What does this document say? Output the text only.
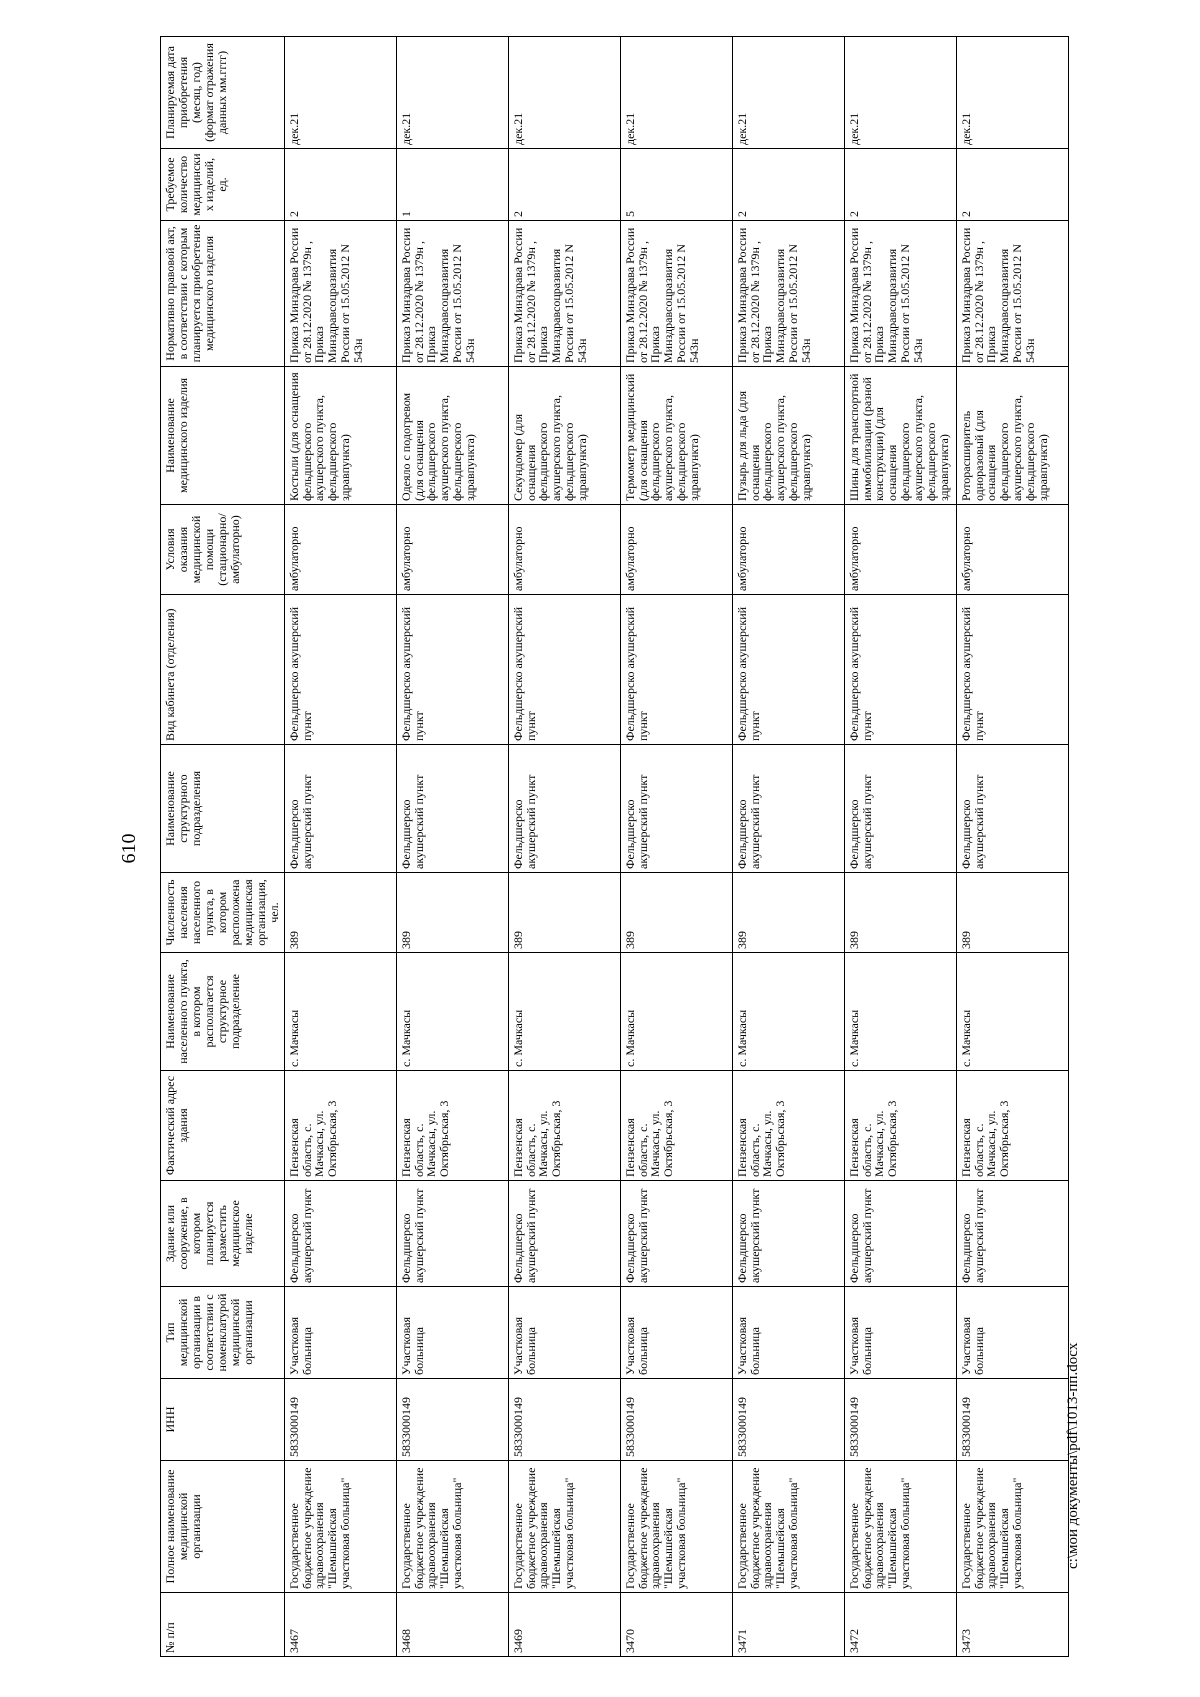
610
№ п/п	Полное наименование медицинской организации	ИНН	Тип медицинской организации в соответствии с номенклатурой медицинской организации	Здание или сооружение, в котором планируется разместить медицинское изделие	Фактический адрес здания	Наименование населенного пункта, в котором располагается структурное подразделение	Численность населения населенного пункта, в котором расположена медицинская организация, чел.	Наименование структурного подразделения	Вид кабинета (отделения)	Условия оказания медицинской помощи (стационарно/амбулаторно)	Наименование медицинского изделия	Нормативно правовой акт, в соответствии с которым планируется приобретение медицинского изделия	Требуемое количество медицинских изделий, ед.	Планируемая дата приобретения (месяц, год) (формат отражения данных мм.гггг)
3467	Государственное бюджетное учреждение здравоохранения "Шемышейская участковая больница"	5833000149	Участковая больница	Фельдшерско акушерский пункт	Пензенская область, с. Мачкасы, ул. Октябрьская, 3	с. Мачкасы	389	Фельдшерско акушерский пункт	Фельдшерско акушерский пункт	амбулаторно	Костыли (для оснащения фельдшерского акушерского пункта, фельдшерского здравпункта)	Приказ Минздрава России от 28.12.2020 № 1379н , Приказ Минздравсоцразвития России от 15.05.2012 N 543н	2	дек.21
3468	Государственное бюджетное учреждение здравоохранения "Шемышейская участковая больница"	5833000149	Участковая больница	Фельдшерско акушерский пункт	Пензенская область, с. Мачкасы, ул. Октябрьская, 3	с. Мачкасы	389	Фельдшерско акушерский пункт	Фельдшерско акушерский пункт	амбулаторно	Одеяло с подогревом (для оснащения фельдшерского акушерского пункта, фельдшерского здравпункта)	Приказ Минздрава России от 28.12.2020 № 1379н , Приказ Минздравсоцразвития России от 15.05.2012 N 543н	1	дек.21
3469	Государственное бюджетное учреждение здравоохранения "Шемышейская участковая больница"	5833000149	Участковая больница	Фельдшерско акушерский пункт	Пензенская область, с. Мачкасы, ул. Октябрьская, 3	с. Мачкасы	389	Фельдшерско акушерский пункт	Фельдшерско акушерский пункт	амбулаторно	Секундомер (для оснащения фельдшерского акушерского пункта, фельдшерского здравпункта)	Приказ Минздрава России от 28.12.2020 № 1379н , Приказ Минздравсоцразвития России от 15.05.2012 N 543н	2	дек.21
3470	Государственное бюджетное учреждение здравоохранения "Шемышейская участковая больница"	5833000149	Участковая больница	Фельдшерско акушерский пункт	Пензенская область, с. Мачкасы, ул. Октябрьская, 3	с. Мачкасы	389	Фельдшерско акушерский пункт	Фельдшерско акушерский пункт	амбулаторно	Термометр медицинский (для оснащения фельдшерского акушерского пункта, фельдшерского здравпункта)	Приказ Минздрава России от 28.12.2020 № 1379н , Приказ Минздравсоцразвития России от 15.05.2012 N 543н	5	дек.21
3471	Государственное бюджетное учреждение здравоохранения "Шемышейская участковая больница"	5833000149	Участковая больница	Фельдшерско акушерский пункт	Пензенская область, с. Мачкасы, ул. Октябрьская, 3	с. Мачкасы	389	Фельдшерско акушерский пункт	Фельдшерско акушерский пункт	амбулаторно	Пузырь для льда (для оснащения фельдшерского акушерского пункта, фельдшерского здравпункта)	Приказ Минздрава России от 28.12.2020 № 1379н , Приказ Минздравсоцразвития России от 15.05.2012 N 543н	2	дек.21
3472	Государственное бюджетное учреждение здравоохранения "Шемышейская участковая больница"	5833000149	Участковая больница	Фельдшерско акушерский пункт	Пензенская область, с. Мачкасы, ул. Октябрьская, 3	с. Мачкасы	389	Фельдшерско акушерский пункт	Фельдшерско акушерский пункт	амбулаторно	Шины для транспортной иммобилизации (разной конструкции) (для оснащения фельдшерского акушерского пункта, фельдшерского здравпункта)	Приказ Минздрава России от 28.12.2020 № 1379н , Приказ Минздравсоцразвития России от 15.05.2012 N 543н	2	дек.21
3473	Государственное бюджетное учреждение здравоохранения "Шемышейская участковая больница"	5833000149	Участковая больница	Фельдшерско акушерский пункт	Пензенская область, с. Мачкасы, ул. Октябрьская, 3	с. Мачкасы	389	Фельдшерско акушерский пункт	Фельдшерско акушерский пункт	амбулаторно	Роторасширитель одноразовый (для оснащения фельдшерского акушерского пункта, фельдшерского здравпункта)	Приказ Минздрава России от 28.12.2020 № 1379н , Приказ Минздравсоцразвития России от 15.05.2012 N 543н	2	дек.21
c:\мои документы\pdf\1013-пп.docx
